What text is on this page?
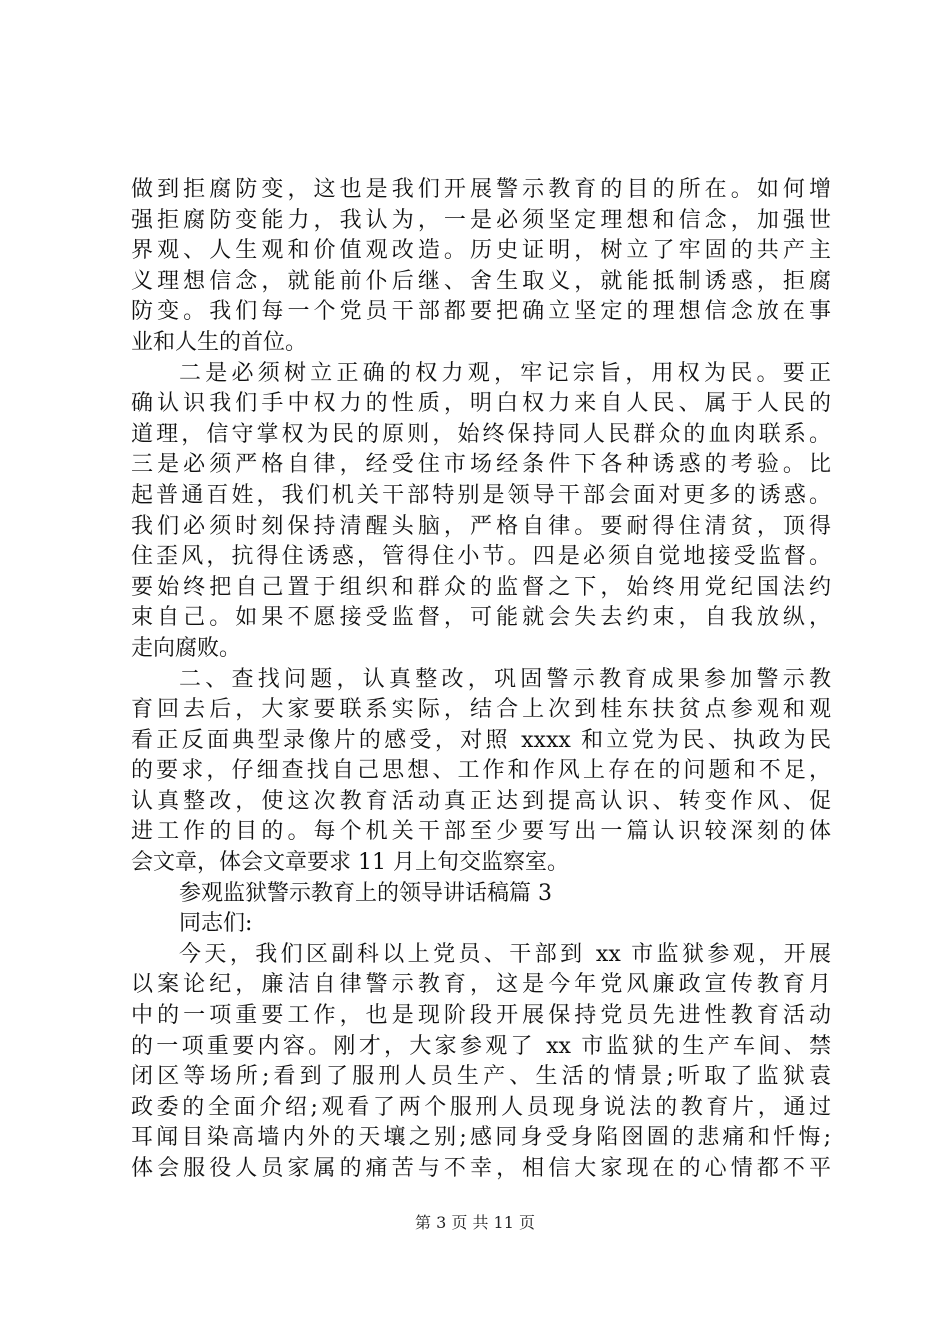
做到拒腐防变，这也是我们开展警示教育的目的所在。如何增
强拒腐防变能力，我认为，一是必须坚定理想和信念，加强世
界观、人生观和价值观改造。历史证明，树立了牢固的共产主
义理想信念，就能前仆后继、舍生取义，就能抵制诱惑，拒腐
防变。我们每一个党员干部都要把确立坚定的理想信念放在事
业和人生的首位。
二是必须树立正确的权力观，牢记宗旨，用权为民。要正
确认识我们手中权力的性质，明白权力来自人民、属于人民的
道理，信守掌权为民的原则，始终保持同人民群众的血肉联系。
三是必须严格自律，经受住市场经条件下各种诱惑的考验。比
起普通百姓，我们机关干部特别是领导干部会面对更多的诱惑。
我们必须时刻保持清醒头脑，严格自律。要耐得住清贫，顶得
住歪风，抗得住诱惑，管得住小节。四是必须自觉地接受监督。
要始终把自己置于组织和群众的监督之下，始终用党纪国法约
束自己。如果不愿接受监督，可能就会失去约束，自我放纵，
走向腐败。
二、查找问题，认真整改，巩固警示教育成果参加警示教
育回去后，大家要联系实际，结合上次到桂东扶贫点参观和观
看正反面典型录像片的感受，对照 xxxx 和立党为民、执政为民
的要求，仔细查找自己思想、工作和作风上存在的问题和不足，
认真整改，使这次教育活动真正达到提高认识、转变作风、促
进工作的目的。每个机关干部至少要写出一篇认识较深刻的体
会文章，体会文章要求 11 月上旬交监察室。
参观监狱警示教育上的领导讲话稿篇 3
同志们:
今天，我们区副科以上党员、干部到 xx 市监狱参观，开展
以案论纪，廉洁自律警示教育，这是今年党风廉政宣传教育月
中的一项重要工作，也是现阶段开展保持党员先进性教育活动
的一项重要内容。刚才，大家参观了 xx 市监狱的生产车间、禁
闭区等场所;看到了服刑人员生产、生活的情景;听取了监狱袁
政委的全面介绍;观看了两个服刑人员现身说法的教育片，通过
耳闻目染高墙内外的天壤之别;感同身受身陷囹圄的悲痛和忏悔;
体会服役人员家属的痛苦与不幸，相信大家现在的心情都不平
第 3 页 共 11 页
